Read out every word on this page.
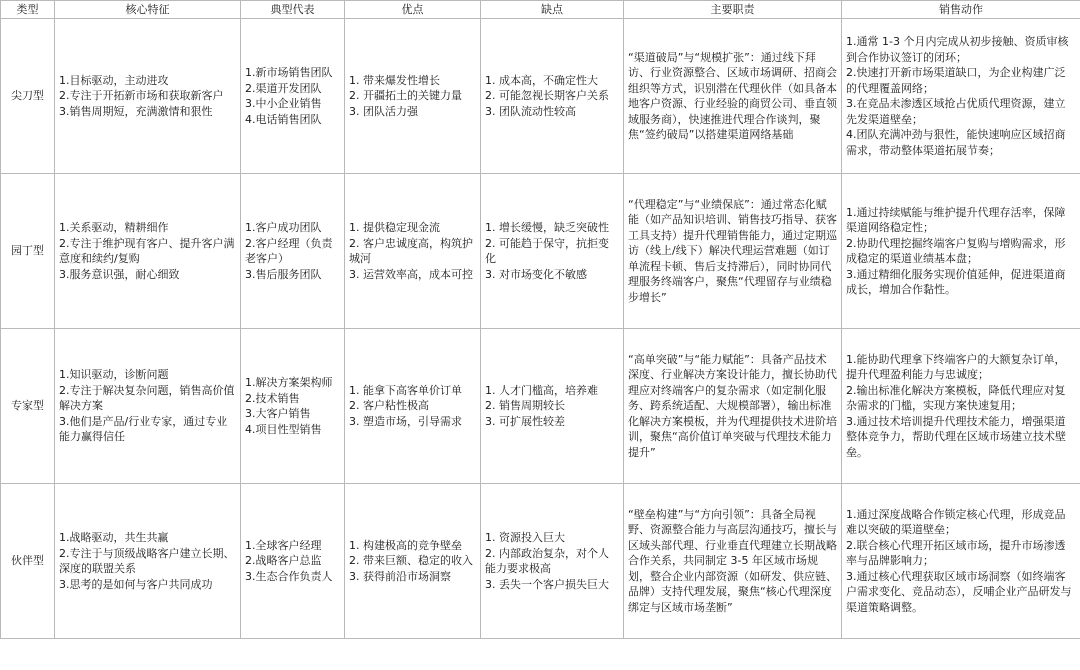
类型	核心特征	典型代表	优点	缺点	主要职责	销售动作
尖刀型	1.目标驱动，主动进攻
2.专注于开拓新市场和获取新客户
3.销售周期短，充满激情和狠性	1.新市场销售团队
2.渠道开发团队
3.中小企业销售
4.电话销售团队	1. 带来爆发性增长
2. 开疆拓土的关键力量
3. 团队活力强	1. 成本高，不确定性大
2. 可能忽视长期客户关系
3. 团队流动性较高	“渠道破局”与“规模扩张”：通过线下拜访、行业资源整合、区域市场调研、招商会组织等方式，识别潜在代理伙伴（如具备本地客户资源、行业经验的商贸公司、垂直领域服务商），快速推进代理合作谈判，聚焦“签约破局”以搭建渠道网络基础	1.通常 1-3 个月内完成从初步接触、资质审核到合作协议签订的闭环；
2.快速打开新市场渠道缺口，为企业构建广泛的代理覆盖网络；
3.在竞品未渗透区域抢占优质代理资源，建立先发渠道壁垒；
4.团队充满冲劲与狠性，能快速响应区域招商需求，带动整体渠道拓展节奏；

园丁型	1.关系驱动，精耕细作
2.专注于维护现有客户、提升客户满意度和续约/复购
3.服务意识强，耐心细致	1.客户成功团队
2.客户经理（负责老客户）
3.售后服务团队	1. 提供稳定现金流
2. 客户忠诚度高，构筑护城河
3. 运营效率高，成本可控	1. 增长缓慢，缺乏突破性
2. 可能趋于保守，抗拒变化
3. 对市场变化不敏感	“代理稳定”与“业绩保底”：通过常态化赋能（如产品知识培训、销售技巧指导、获客工具支持）提升代理销售能力，通过定期巡访（线上/线下）解决代理运营难题（如订单流程卡顿、售后支持滞后），同时协同代理服务终端客户，聚焦“代理留存与业绩稳步增长”	1.通过持续赋能与维护提升代理存活率，保障渠道网络稳定性；
2.协助代理挖掘终端客户复购与增购需求，形成稳定的渠道业绩基本盘；
3.通过精细化服务实现价值延伸，促进渠道商成长，增加合作黏性。

专家型	1.知识驱动，诊断问题
2.专注于解决复杂问题，销售高价值解决方案
3.他们是产品/行业专家，通过专业能力赢得信任	1.解决方案架构师
2.技术销售
3.大客户销售
4.项目性型销售	1. 能拿下高客单价订单
2. 客户粘性极高
3. 塑造市场，引导需求	1. 人才门槛高，培养难
2. 销售周期较长
3. 可扩展性较差	“高单突破”与“能力赋能”：具备产品技术深度、行业解决方案设计能力，擅长协助代理应对终端客户的复杂需求（如定制化服务、跨系统适配、大规模部署），输出标准化解决方案模板，并为代理提供技术进阶培训，聚焦“高价值订单突破与代理技术能力提升”	1.能协助代理拿下终端客户的大额复杂订单，提升代理盈利能力与忠诚度；
2.输出标准化解决方案模板，降低代理应对复杂需求的门槛，实现方案快速复用；
3.通过技术培训提升代理技术能力，增强渠道整体竞争力，帮助代理在区域市场建立技术壁垒。

伙伴型	1.战略驱动，共生共赢
2.专注于与顶级战略客户建立长期、深度的联盟关系
3.思考的是如何与客户共同成功	1.全球客户经理
2.战略客户总监
3.生态合作负责人	1. 构建极高的竞争壁垒
2. 带来巨额、稳定的收入
3. 获得前沿市场洞察	1. 资源投入巨大
2. 内部政治复杂，对个人能力要求极高
3. 丢失一个客户损失巨大	“壁垒构建”与“方向引领”：具备全局视野、资源整合能力与高层沟通技巧，擅长与区域头部代理、行业垂直代理建立长期战略合作关系，共同制定 3-5 年区域市场规划，整合企业内部资源（如研发、供应链、品牌）支持代理发展，聚焦“核心代理深度绑定与区域市场垄断”	1.通过深度战略合作锁定核心代理，形成竞品难以突破的渠道壁垒；
2.联合核心代理开拓区域市场，提升市场渗透率与品牌影响力；
3.通过核心代理获取区域市场洞察（如终端客户需求变化、竞品动态），反哺企业产品研发与渠道策略调整。
